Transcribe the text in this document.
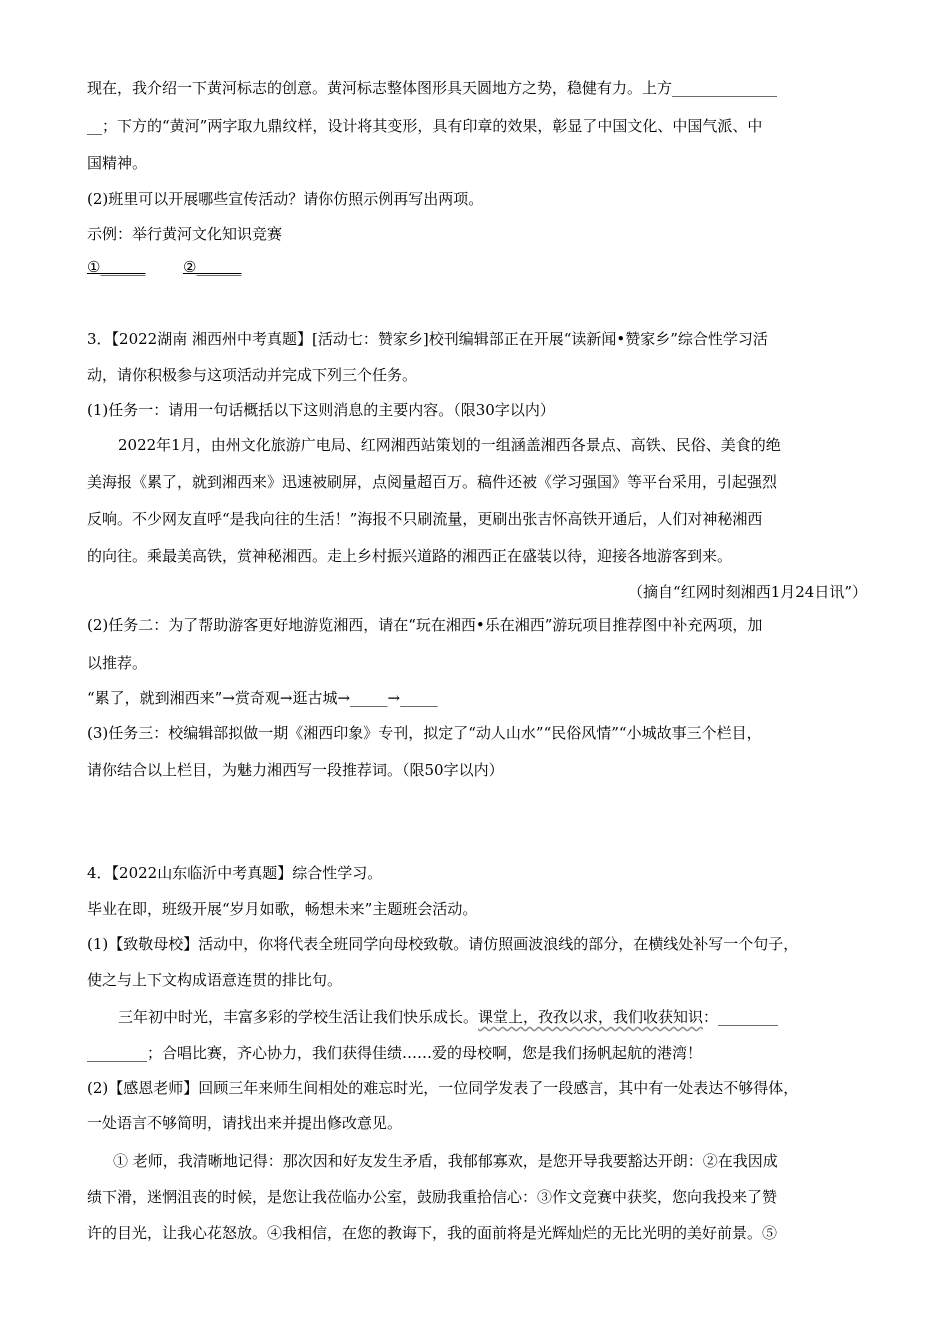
现在，我介绍一下黄河标志的创意。黄河标志整体图形具天圆地方之势，稳健有力。上方______________
__；下方的“黄河”两字取九鼎纹样，设计将其变形，具有印章的效果，彰显了中国文化、中国气派、中
国精神。
(2)班里可以开展哪些宣传活动？请你仿照示例再写出两项。
示例：举行黄河文化知识竞赛
①______	②______
3．【2022湖南 湘西州中考真题】[活动七：赞家乡]校刊编辑部正在开展“读新闻•赞家乡”综合性学习活
动，请你积极参与这项活动并完成下列三个任务。
(1)任务一：请用一句话概括以下这则消息的主要内容。（限30字以内）
2022年1月，由州文化旅游广电局、红网湘西站策划的一组涵盖湘西各景点、高铁、民俗、美食的绝
美海报《累了，就到湘西来》迅速被刷屏，点阅量超百万。稿件还被《学习强国》等平台采用，引起强烈
反响。不少网友直呼“是我向往的生活！”海报不只刷流量，更刷出张吉怀高铁开通后，人们对神秘湘西
的向往。乘最美高铁，赏神秘湘西。走上乡村振兴道路的湘西正在盛装以待，迎接各地游客到来。
（摘自“红网时刻湘西1月24日讯”）
(2)任务二：为了帮助游客更好地游览湘西，请在“玩在湘西•乐在湘西”游玩项目推荐图中补充两项，加
以推荐。
“累了，就到湘西来”→赏奇观→逛古城→_____→_____
(3)任务三：校编辑部拟做一期《湘西印象》专刊，拟定了“动人山水”“民俗风情”“小城故事三个栏目，
请你结合以上栏目，为魅力湘西写一段推荐词。（限50字以内）
4．【2022山东临沂中考真题】综合性学习。
毕业在即，班级开展“岁月如歌，畅想未来”主题班会活动。
(1)【致敬母校】活动中，你将代表全班同学向母校致敬。请仿照画波浪线的部分，在横线处补写一个句子，
使之与上下文构成语意连贯的排比句。
三年初中时光，丰富多彩的学校生活让我们快乐成长。课堂上，孜孜以求，我们收获知识：________
________；合唱比赛，齐心协力，我们获得佳绩……爱的母校啊，您是我们扬帆起航的港湾！
(2)【感恩老师】回顾三年来师生间相处的难忘时光，一位同学发表了一段感言，其中有一处表达不够得体，
一处语言不够简明，请找出来并提出修改意见。
① 老师，我清晰地记得：那次因和好友发生矛盾，我郁郁寡欢，是您开导我要豁达开朗：②在我因成
绩下滑，迷惘沮丧的时候，是您让我莅临办公室，鼓励我重拾信心：③作文竞赛中获奖，您向我投来了赞
许的目光，让我心花怒放。④我相信，在您的教诲下，我的面前将是光辉灿烂的无比光明的美好前景。⑤
